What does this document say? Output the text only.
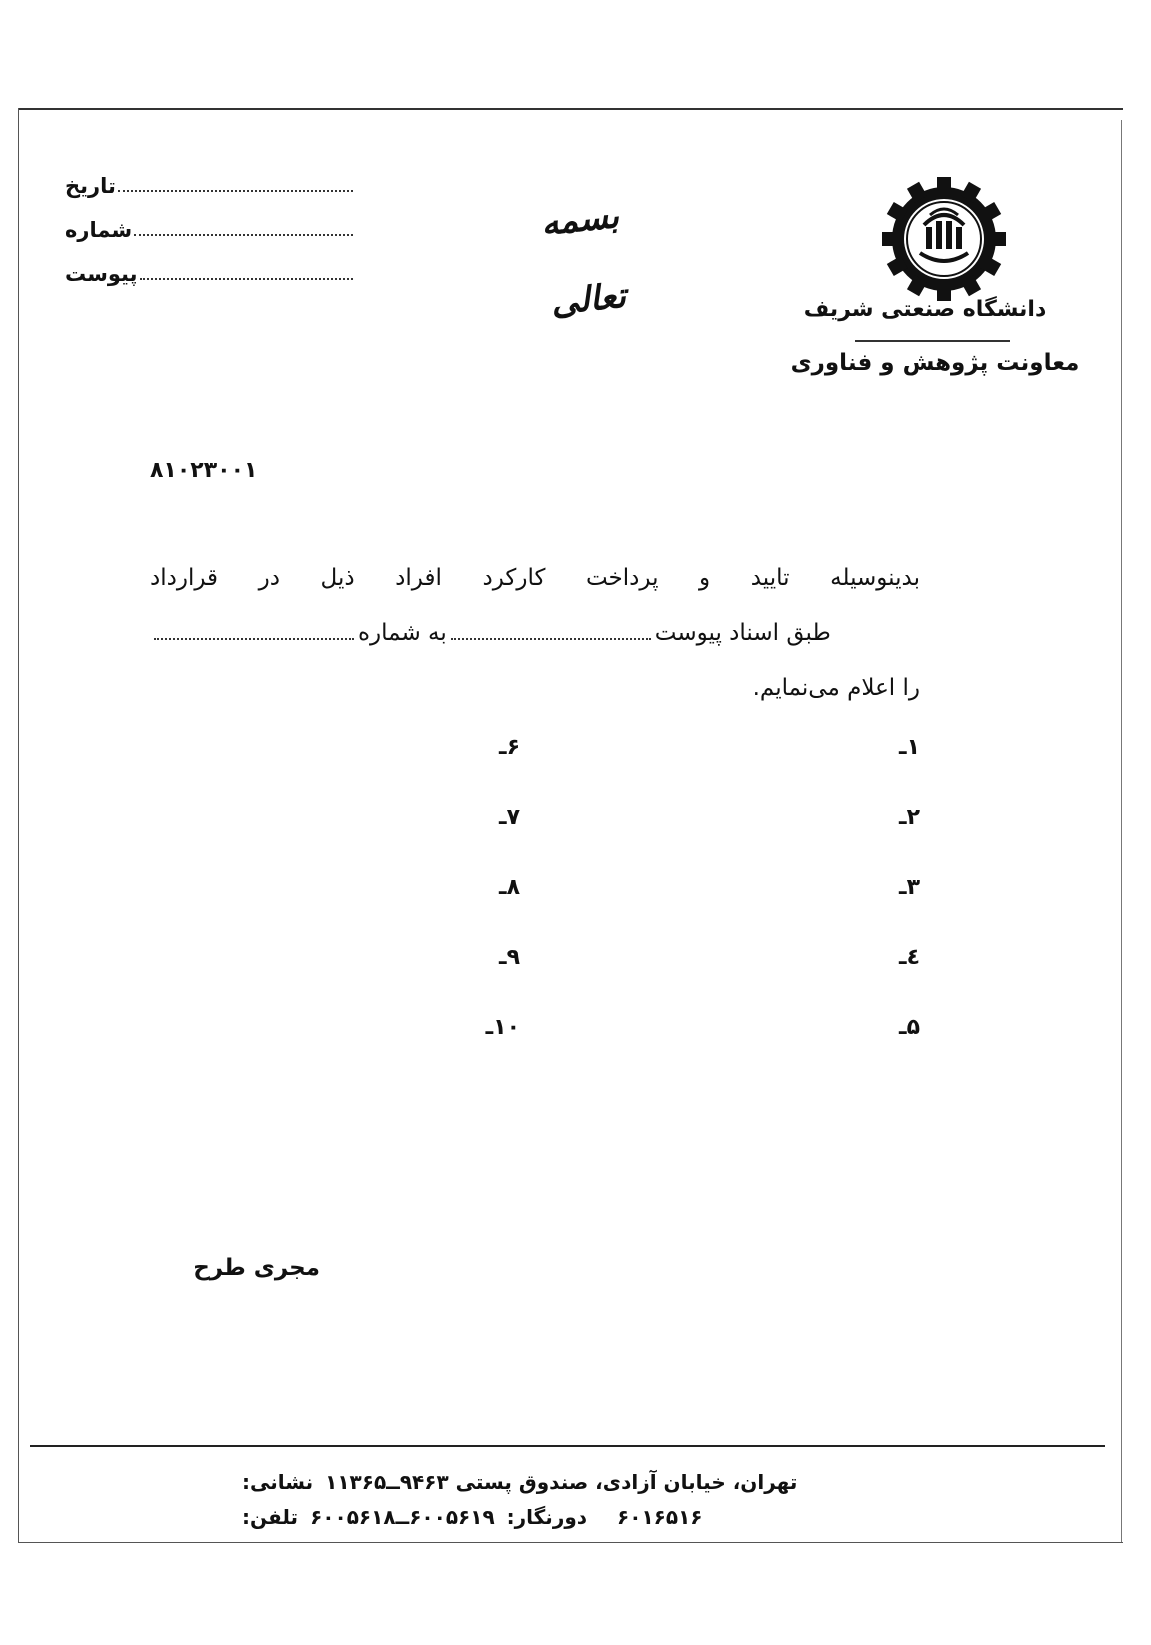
تاریخ
شماره
پیوست
بسمه تعالی	دانشگاه صنعتی شریف
معاونت پژوهش و فناوری
۸۱۰۲۳۰۰۱
بدینوسیله تایید و پرداخت کارکرد افراد ذیل در قرارداد
به شماره	طبق اسناد پیوست
را اعلام می‌نمایم.
۱ـ
۲ـ
۳ـ
٤ـ
۵ـ
۶ـ
۷ـ
۸ـ
۹ـ
۱۰ـ
مجری طرح
نشانی: تهران، خیابان آزادی، صندوق پستی ۹۴۶۳ــ۱۱۳۶۵
تلفن: ۶۰۰۵۶۱۹ــ۶۰۰۵۶۱۸ دورنگار: ۶۰۱۶۵۱۶
